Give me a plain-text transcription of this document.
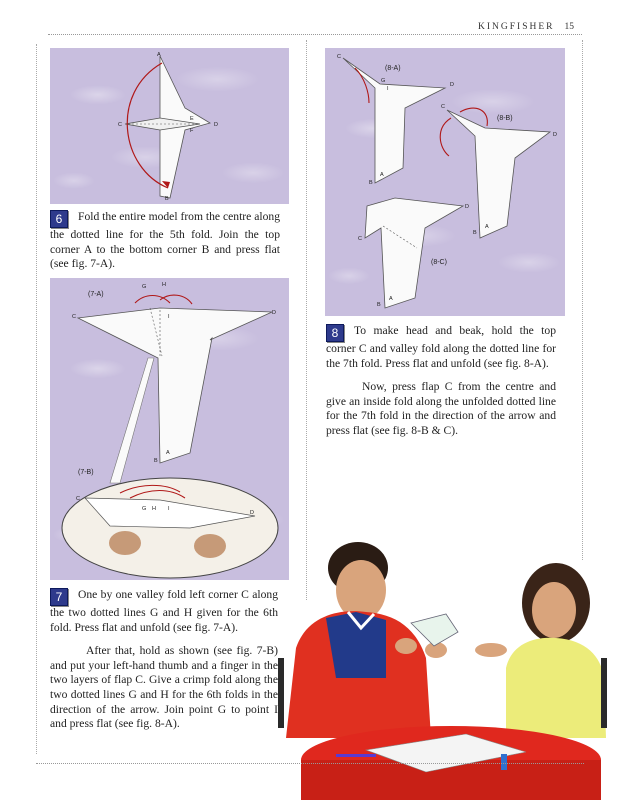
KINGFISHER 15
A
B
C	D
E
F

6 Fold the entire model from the centre along the dotted line for the 5th fold. Join the top corner A to the bottom corner B and press flat (see fig. 7-A).

(7-A)
C
D
G	H
I
A
B
(7-B)
C
D
G H I

7 One by one valley fold left corner C along the two dotted lines G and H given for the 6th fold. Press flat and unfold (see fig. 7-A).

After that, hold as shown (see fig. 7-B) and put your left-hand thumb and a finger in the two layers of flap C. Give a crimp fold along the two dotted lines G and H for the 6th folds in the direction of the arrow. Join point G to point I and press flat (see fig. 8-A).

(8-A)
C
D
G
I
A
B
(8-B)
C
D
A
B
(8-C)
C
D
A
B

8 To make head and beak, hold the top corner C and valley fold along the dotted line for the 7th fold. Press flat and unfold (see fig. 8-A).

Now, press flap C from the centre and give an inside fold along the unfolded dotted line for the 7th fold in the direction of the arrow and press flat (see fig. 8-B & C).
